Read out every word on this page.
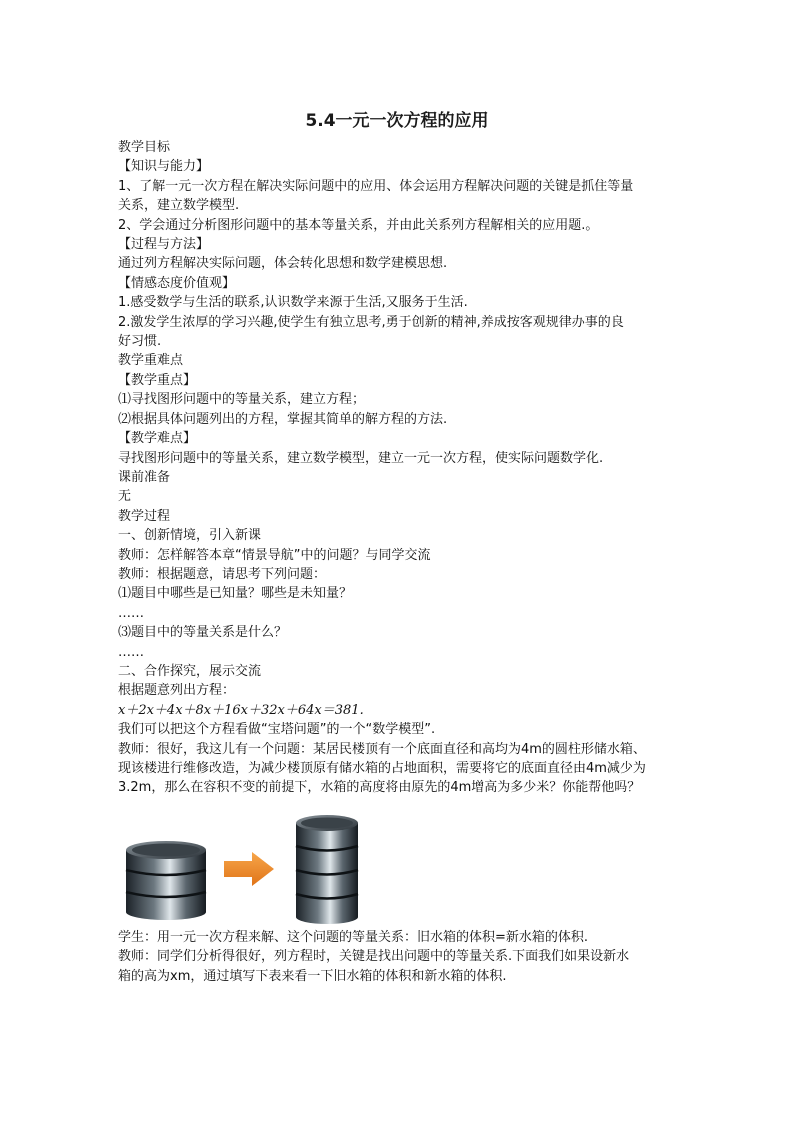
5.4一元一次方程的应用

教学目标

【知识与能力】

1、了解一元一次方程在解决实际问题中的应用、体会运用方程解决问题的关键是抓住等量

关系，建立数学模型.

2、学会通过分析图形问题中的基本等量关系，并由此关系列方程解相关的应用题.。

【过程与方法】

通过列方程解决实际问题，体会转化思想和数学建模思想.

【情感态度价值观】

1.感受数学与生活的联系,认识数学来源于生活,又服务于生活.

2.激发学生浓厚的学习兴趣,使学生有独立思考,勇于创新的精神,养成按客观规律办事的良

好习惯.

教学重难点

【教学重点】

⑴寻找图形问题中的等量关系，建立方程；

⑵根据具体问题列出的方程，掌握其简单的解方程的方法.

【教学难点】

寻找图形问题中的等量关系，建立数学模型，建立一元一次方程，使实际问题数学化.

课前准备

无

教学过程

一、创新情境，引入新课

教师：怎样解答本章“情景导航”中的问题？与同学交流

教师：根据题意，请思考下列问题：

⑴题目中哪些是已知量？哪些是未知量？

……

⑶题目中的等量关系是什么？

……

二、合作探究，展示交流

根据题意列出方程：

x＋2x＋4x＋8x＋16x＋32x＋64x＝381.

我们可以把这个方程看做“宝塔问题”的一个“数学模型”.

教师：很好，我这儿有一个问题：某居民楼顶有一个底面直径和高均为4m的圆柱形储水箱、

现该楼进行维修改造，为减少楼顶原有储水箱的占地面积，需要将它的底面直径由4m减少为

3.2m，那么在容积不变的前提下，水箱的高度将由原先的4m增高为多少米？你能帮他吗？

学生：用一元一次方程来解、这个问题的等量关系：旧水箱的体积=新水箱的体积.

教师：同学们分析得很好，列方程时，关键是找出问题中的等量关系.下面我们如果设新水

箱的高为xm，通过填写下表来看一下旧水箱的体积和新水箱的体积.
